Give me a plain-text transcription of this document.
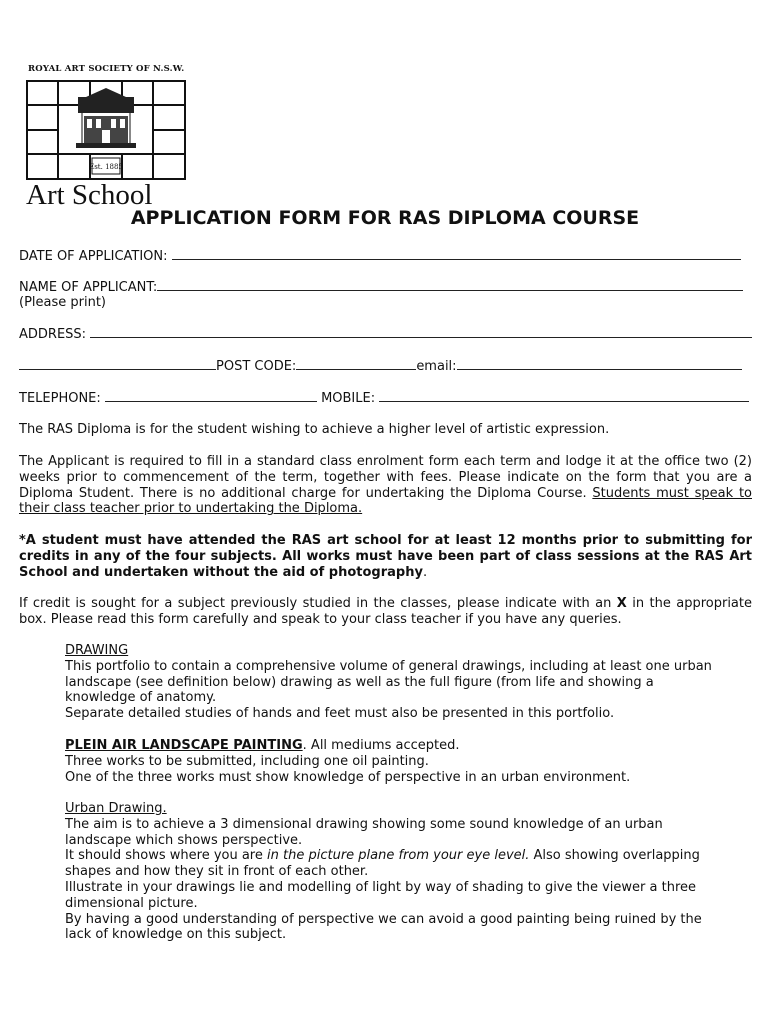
ROYAL ART SOCIETY OF N.S.W.
Est. 1885
Art School
APPLICATION FORM FOR RAS DIPLOMA COURSE
DATE OF APPLICATION:
NAME OF APPLICANT:
(Please print)
ADDRESS:
POST CODE:	email:
TELEPHONE:	MOBILE:
The RAS Diploma is for the student wishing to achieve a higher level of artistic expression.
The Applicant is required to fill in a standard class enrolment form each term and lodge it at the office two (2) weeks prior to commencement of the term, together with fees. Please indicate on the form that you are a Diploma Student. There is no additional charge for undertaking the Diploma Course. Students must speak to their class teacher prior to undertaking the Diploma.
*A student must have attended the RAS art school for at least 12 months prior to submitting for credits in any of the four subjects. All works must have been part of class sessions at the RAS Art School and undertaken without the aid of photography.
If credit is sought for a subject previously studied in the classes, please indicate with an X in the appropriate box. Please read this form carefully and speak to your class teacher if you have any queries.
DRAWING
This portfolio to contain a comprehensive volume of general drawings, including at least one urban
landscape (see definition below) drawing as well as the full figure (from life and showing a
knowledge of anatomy.
Separate detailed studies of hands and feet must also be presented in this portfolio.
PLEIN AIR LANDSCAPE PAINTING. All mediums accepted.
Three works to be submitted, including one oil painting.
One of the three works must show knowledge of perspective in an urban environment.
Urban Drawing.
The aim is to achieve a 3 dimensional drawing showing some sound knowledge of an urban
landscape which shows perspective.
It should shows where you are in the picture plane from your eye level. Also showing overlapping
shapes and how they sit in front of each other.
Illustrate in your drawings lie and modelling of light by way of shading to give the viewer a three
dimensional picture.
By having a good understanding of perspective we can avoid a good painting being ruined by the
lack of knowledge on this subject.
